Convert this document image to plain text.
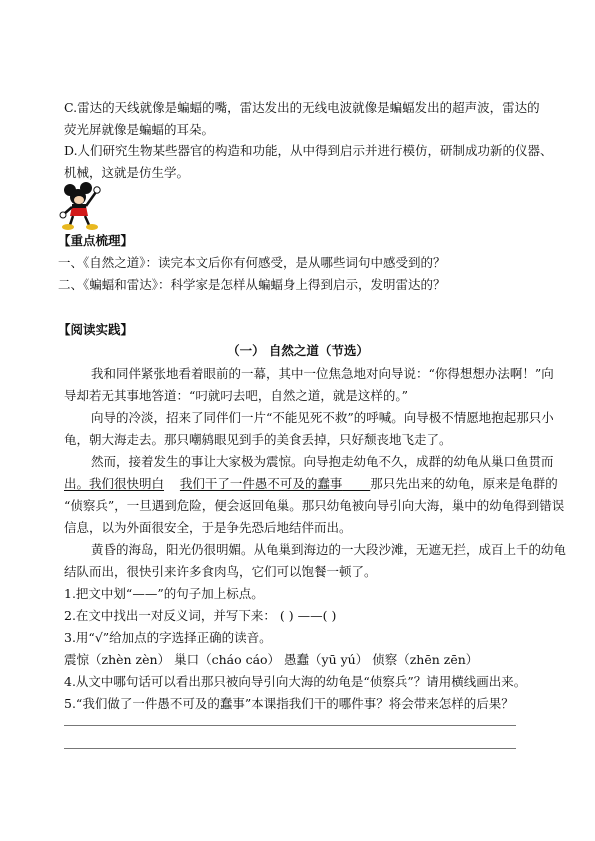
C.雷达的天线就像是蝙蝠的嘴，雷达发出的无线电波就像是蝙蝠发出的超声波，雷达的
荧光屏就像是蝙蝠的耳朵。
D.人们研究生物某些器官的构造和功能，从中得到启示并进行模仿，研制成功新的仪器、
机械，这就是仿生学。
【重点梳理】
一、《自然之道》：读完本文后你有何感受，是从哪些词句中感受到的？
二、《蝙蝠和雷达》：科学家是怎样从蝙蝠身上得到启示，发明雷达的？
【阅读实践】
（一） 自然之道（节选）
我和同伴紧张地看着眼前的一幕，其中一位焦急地对向导说：“你得想想办法啊！”向
导却若无其事地答道：“叼就叼去吧，自然之道，就是这样的。”
向导的冷淡，招来了同伴们一片“不能见死不救”的呼喊。向导极不情愿地抱起那只小
龟，朝大海走去。那只嘲鸫眼见到手的美食丢掉，只好颓丧地飞走了。
然而，接着发生的事让大家极为震惊。向导抱走幼龟不久，成群的幼龟从巢口鱼贯而
出。我们很快明白 我们干了一件愚不可及的蠢事 那只先出来的幼龟，原来是龟群的
“侦察兵”，一旦遇到危险，便会返回龟巢。那只幼龟被向导引向大海，巢中的幼龟得到错误
信息，以为外面很安全，于是争先恐后地结伴而出。
黄昏的海岛，阳光仍很明媚。从龟巢到海边的一大段沙滩，无遮无拦，成百上千的幼龟
结队而出，很快引来许多食肉鸟，它们可以饱餐一顿了。
1.把文中划“——”的句子加上标点。
2.在文中找出一对反义词，并写下来： ( ) ——( )
3.用“√”给加点的字选择正确的读音。
震惊（zhèn zèn） 巢口（cháo cáo） 愚蠢（yū yú） 侦察（zhēn zēn）
4.从文中哪句话可以看出那只被向导引向大海的幼龟是“侦察兵”？请用横线画出来。
5.“我们做了一件愚不可及的蠢事”本课指我们干的哪件事？将会带来怎样的后果？
